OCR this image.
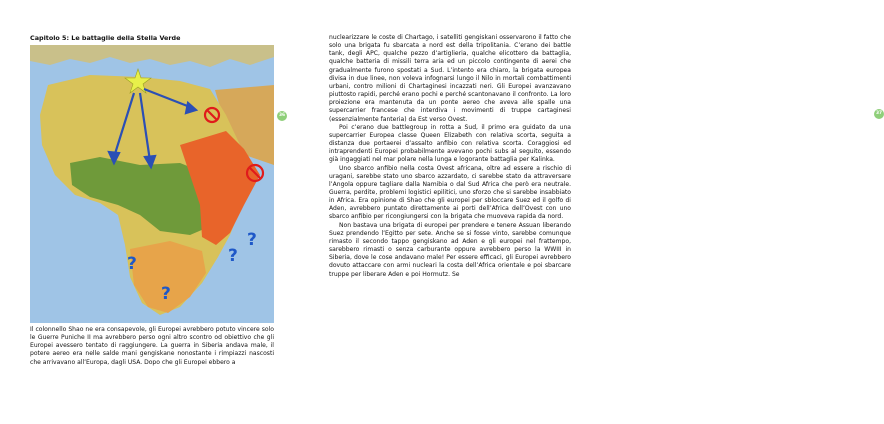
Capitolo 5: Le battaglie della Stella Verde
?
?
?
?

Il colonnello Shao ne era consapevole, gli Europei avrebbero potuto vincere solo le Guerre Puniche II ma avrebbero perso ogni altro scontro od obiettivo che gli Europei avessero tentato di raggiungere. La guerra in Siberia andava male, il potere aereo era nelle salde mani gengiskane nonostante i rimpiazzi nascosti che arrivavano all’Europa, dagli USA. Dopo che gli Europei ebbero a

36	37

nuclearizzare le coste di Chartago, i satelliti gengiskani osservarono il fatto che solo una brigata fu sbarcata a nord est della tripolitania. C’erano dei battle tank, degli APC, qualche pezzo d’artiglieria, qualche elicottero da battaglia, qualche batteria di missili terra aria ed un piccolo contingente di aerei che gradualmente furono spostati a Sud. L’intento era chiaro, la brigata europea divisa in due linee, non voleva infognarsi lungo il Nilo in mortali combattimenti urbani, contro milioni di Chartaginesi incazzati neri. Gli Europei avanzavano piuttosto rapidi, perché erano pochi e perché scantonavano il confronto. La loro proiezione era mantenuta da un ponte aereo che aveva alle spalle una supercarrier francese che interdiva i movimenti di truppe cartaginesi (essenzialmente fanteria) da Est verso Ovest.

Poi c’erano due battlegroup in rotta a Sud, il primo era guidato da una supercarrier Europea classe Queen Elizabeth con relativa scorta, seguita a distanza due portaerei d’assalto anfibio con relativa scorta. Coraggiosi ed intraprendenti Europei probabilmente avevano pochi subs al seguito, essendo già ingaggiati nel mar polare nella lunga e logorante battaglia per Kalinka.

Uno sbarco anfibio nella costa Ovest africana, oltre ad essere a rischio di uragani, sarebbe stato uno sbarco azzardato, ci sarebbe stato da attraversare l’Angola oppure tagliare dalla Namibia o dal Sud Africa che però era neutrale. Guerra, perdite, problemi logistici epilitici, uno sforzo che si sarebbe insabbiato in Africa. Era opinione di Shao che gli europei per sbloccare Suez ed il golfo di Aden, avrebbero puntato direttamente ai porti dell’Africa dell’Ovest con uno sbarco anfibio per ricongiungersi con la brigata che muoveva rapida da nord.

Non bastava una brigata di europei per prendere e tenere Assuan liberando Suez prendendo l’Egitto per sete. Anche se si fosse vinto, sarebbe comunque rimasto il secondo tappo gengiskano ad Aden e gli europei nel frattempo, sarebbero rimasti o senza carburante oppure avrebbero perso la WWIII in Siberia, dove le cose andavano male! Per essere efficaci, gli Europei avrebbero dovuto attaccare con armi nucleari la costa dell’Africa orientale e poi sbarcare truppe per liberare Aden e poi Hormutz. Se
